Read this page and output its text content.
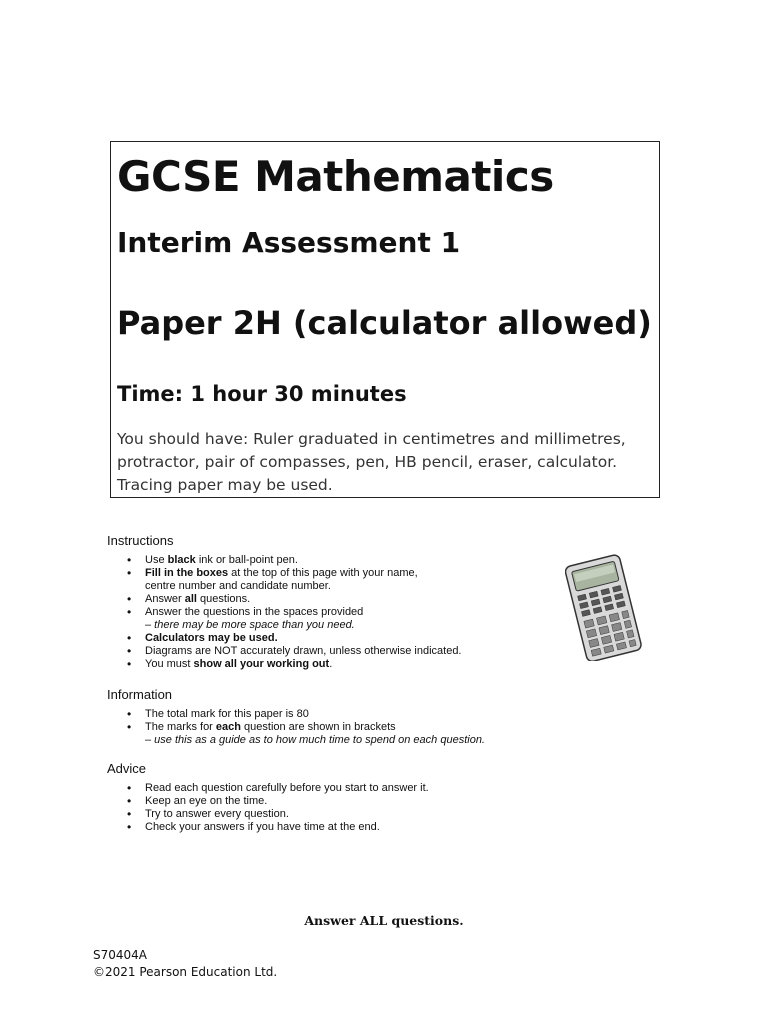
GCSE Mathematics
Interim Assessment 1
Paper 2H (calculator allowed)
Time: 1 hour 30 minutes
You should have: Ruler graduated in centimetres and millimetres, protractor, pair of compasses, pen, HB pencil, eraser, calculator. Tracing paper may be used.
Instructions
• Use black ink or ball-point pen.
• Fill in the boxes at the top of this page with your name,
centre number and candidate number.
• Answer all questions.
• Answer the questions in the spaces provided
– there may be more space than you need.
• Calculators may be used.
• Diagrams are NOT accurately drawn, unless otherwise indicated.
• You must show all your working out.
Information
• The total mark for this paper is 80
• The marks for each question are shown in brackets
– use this as a guide as to how much time to spend on each question.
Advice
• Read each question carefully before you start to answer it.
• Keep an eye on the time.
• Try to answer every question.
• Check your answers if you have time at the end.
Answer ALL questions.
S70404A
©2021 Pearson Education Ltd.
